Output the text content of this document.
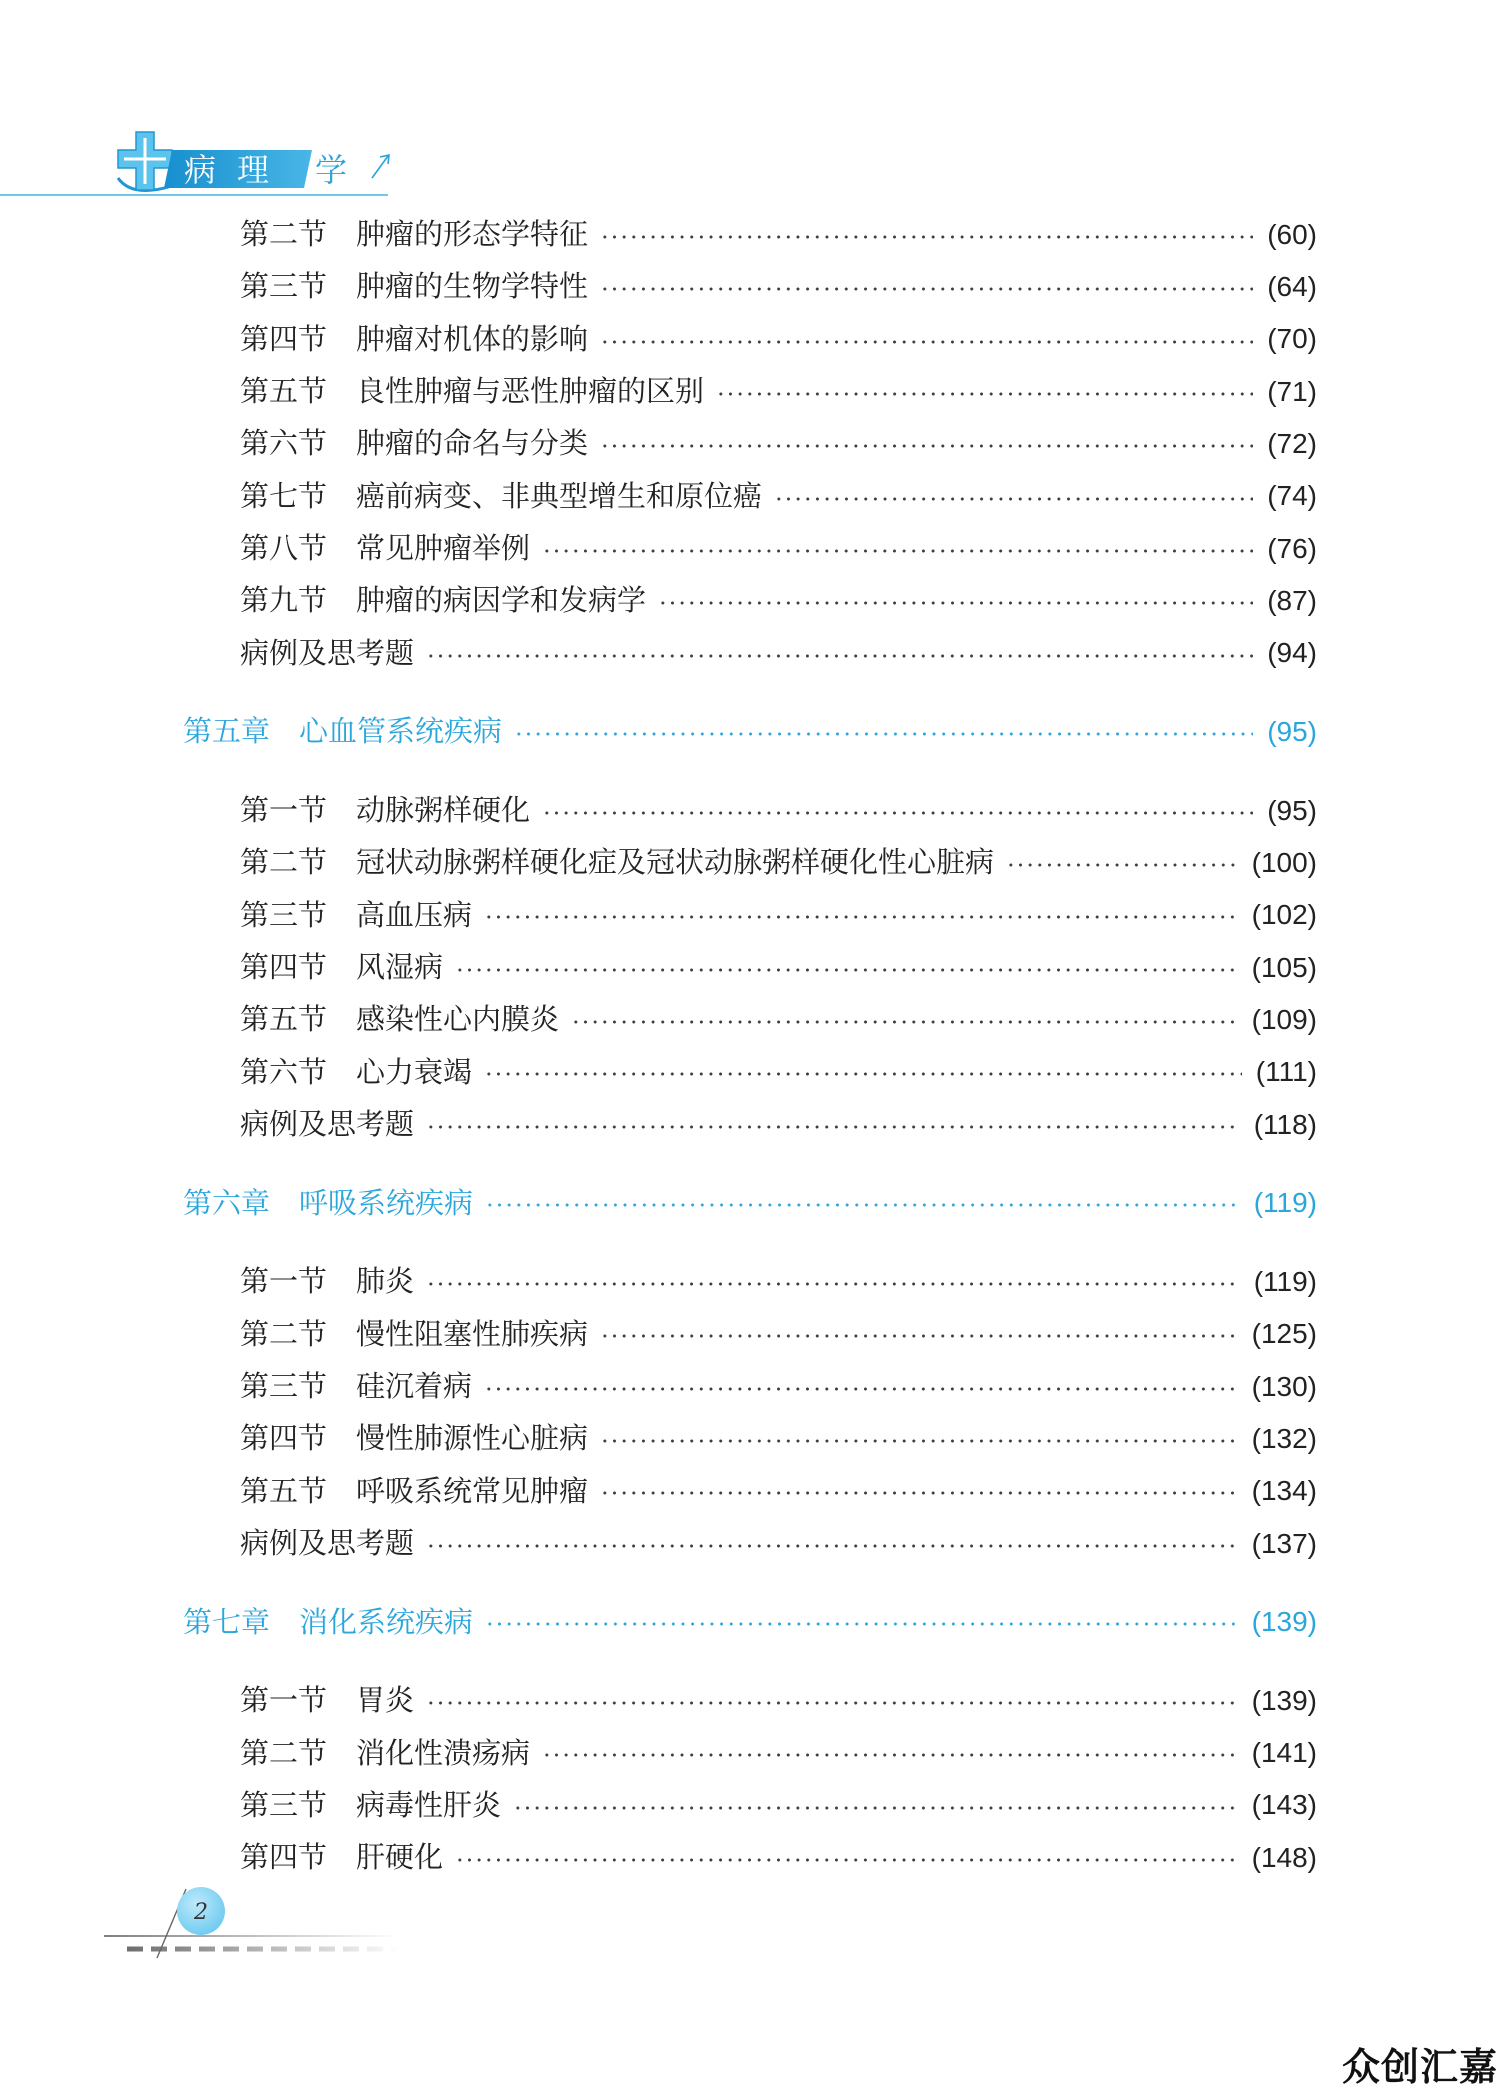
病 理 学
第二节 肿瘤的形态学特征	(60)
第三节 肿瘤的生物学特性	(64)
第四节 肿瘤对机体的影响	(70)
第五节 良性肿瘤与恶性肿瘤的区别	(71)
第六节 肿瘤的命名与分类	(72)
第七节 癌前病变、非典型增生和原位癌	(74)
第八节 常见肿瘤举例	(76)
第九节 肿瘤的病因学和发病学	(87)
病例及思考题	(94)
第五章 心血管系统疾病	(95)
第一节 动脉粥样硬化	(95)
第二节 冠状动脉粥样硬化症及冠状动脉粥样硬化性心脏病	(100)
第三节 高血压病	(102)
第四节 风湿病	(105)
第五节 感染性心内膜炎	(109)
第六节 心力衰竭	(111)
病例及思考题	(118)
第六章 呼吸系统疾病	(119)
第一节 肺炎	(119)
第二节 慢性阻塞性肺疾病	(125)
第三节 硅沉着病	(130)
第四节 慢性肺源性心脏病	(132)
第五节 呼吸系统常见肿瘤	(134)
病例及思考题	(137)
第七章 消化系统疾病	(139)
第一节 胃炎	(139)
第二节 消化性溃疡病	(141)
第三节 病毒性肝炎	(143)
第四节 肝硬化	(148)
2
众创汇嘉
